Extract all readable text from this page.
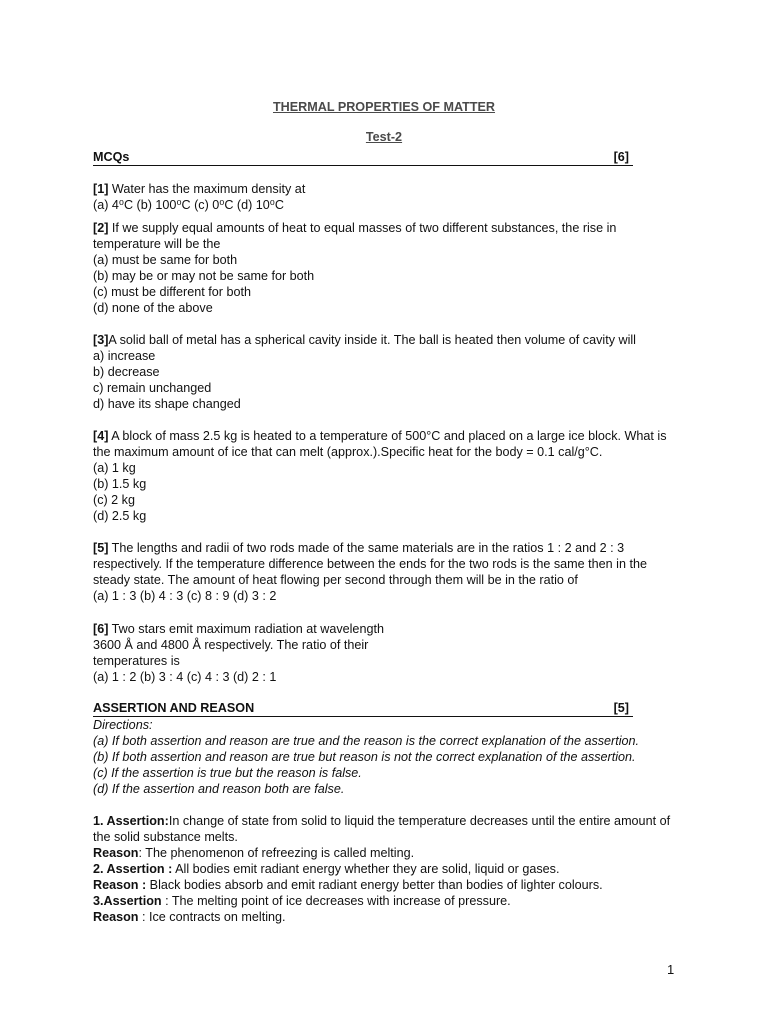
THERMAL PROPERTIES OF MATTER
Test-2
MCQs	[6]
[1] Water has the maximum density at
(a) 4⁰C (b) 100⁰C (c) 0⁰C (d) 10⁰C
[2] If we supply equal amounts of heat to equal masses of two different substances, the rise in temperature will be the
(a) must be same for both
(b) may be or may not be same for both
(c) must be different for both
(d) none of the above
[3]A solid ball of metal has a spherical cavity inside it. The ball is heated then volume of cavity will
a) increase
b) decrease
c) remain unchanged
d) have its shape changed
[4] A block of mass 2.5 kg is heated to a temperature of 500°C and placed on a large ice block. What is the maximum amount of ice that can melt (approx.).Specific heat for the body = 0.1 cal/g°C.
(a) 1 kg
(b) 1.5 kg
(c) 2 kg
(d) 2.5 kg
[5] The lengths and radii of two rods made of the same materials are in the ratios 1 : 2 and 2 : 3 respectively. If the temperature difference between the ends for the two rods is the same then in the steady state. The amount of heat flowing per second through them will be in the ratio of
(a) 1 : 3 (b) 4 : 3 (c) 8 : 9 (d) 3 : 2
[6] Two stars emit maximum radiation at wavelength
3600 Å and 4800 Å respectively. The ratio of their
temperatures is
(a) 1 : 2 (b) 3 : 4 (c) 4 : 3 (d) 2 : 1
ASSERTION AND REASON	[5]
Directions:
(a) If both assertion and reason are true and the reason is the correct explanation of the assertion.
(b) If both assertion and reason are true but reason is not the correct explanation of the assertion.
(c) If the assertion is true but the reason is false.
(d) If the assertion and reason both are false.
1. Assertion:In change of state from solid to liquid the temperature decreases until the entire amount of the solid substance melts.
Reason: The phenomenon of refreezing is called melting.
2. Assertion : All bodies emit radiant energy whether they are solid, liquid or gases.
Reason : Black bodies absorb and emit radiant energy better than bodies of lighter colours.
3.Assertion : The melting point of ice decreases with increase of pressure.
Reason : Ice contracts on melting.
1
